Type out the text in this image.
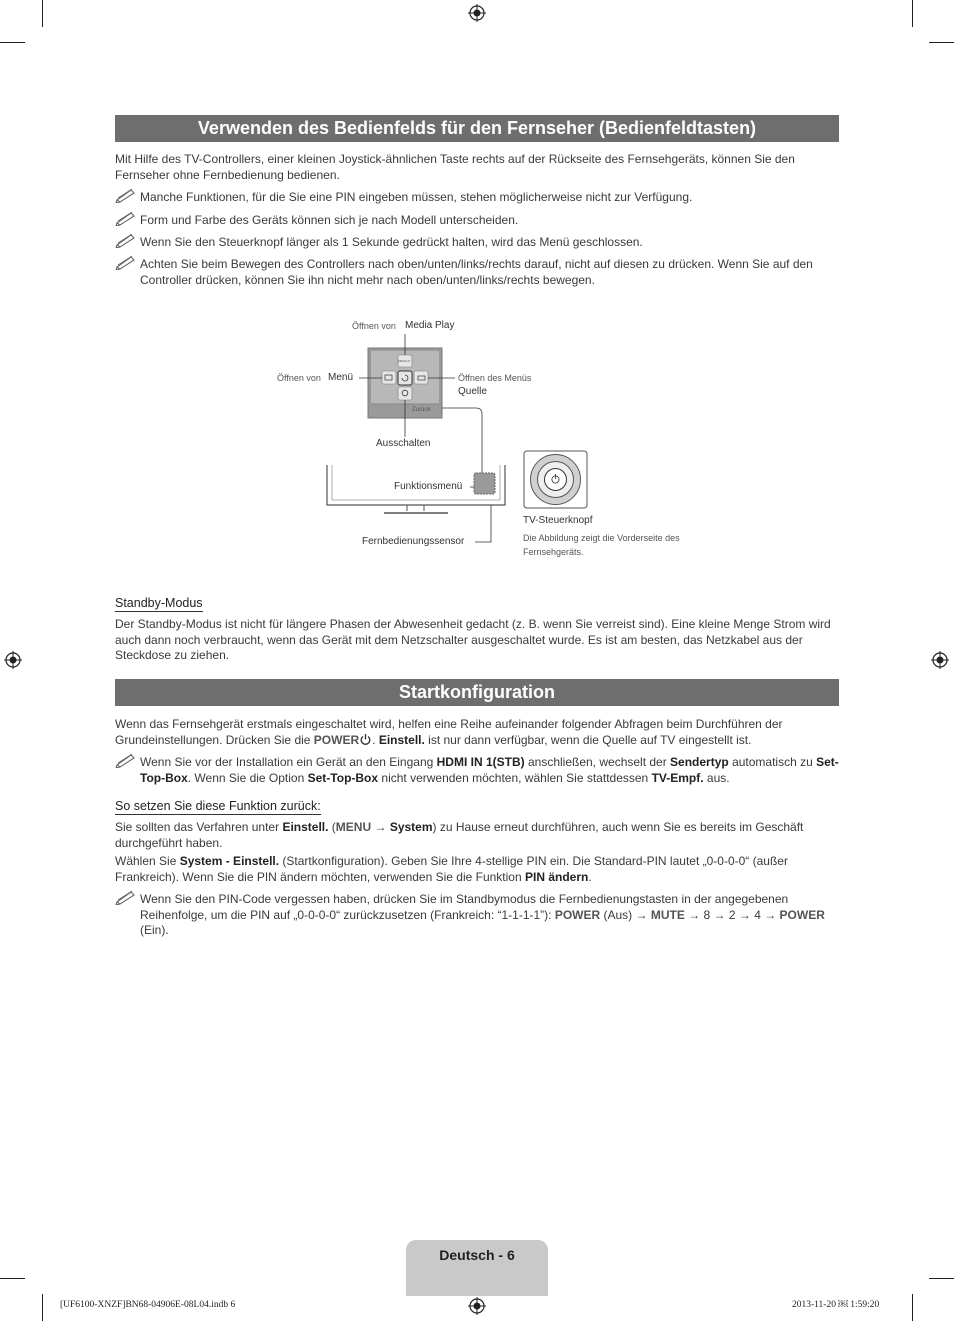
Verwenden des Bedienfelds für den Fernseher (Bedienfeldtasten)
Mit Hilfe des TV-Controllers, einer kleinen Joystick-ähnlichen Taste rechts auf der Rückseite des Fernsehgeräts, können Sie den Fernseher ohne Fernbedienung bedienen.
Manche Funktionen, für die Sie eine PIN eingeben müssen, stehen möglicherweise nicht zur Verfügung.
Form und Farbe des Geräts können sich je nach Modell unterscheiden.
Wenn Sie den Steuerknopf länger als 1 Sekunde gedrückt halten, wird das Menü geschlossen.
Achten Sie beim Bewegen des Controllers nach oben/unten/links/rechts darauf, nicht auf diesen zu drücken. Wenn Sie auf den Controller drücken, können Sie ihn nicht mehr nach oben/unten/links/rechts bewegen.
Öffnen von Media Play
MEDIA.P
Öffnen von Menü	Öffnen des Menüs
Quelle
Zurück
Ausschalten
Funktionsmenü
Fernbedienungssensor
TV-Steuerknopf
Die Abbildung zeigt die Vorderseite des Fernsehgeräts.
Standby-Modus
Der Standby-Modus ist nicht für längere Phasen der Abwesenheit gedacht (z. B. wenn Sie verreist sind). Eine kleine Menge Strom wird auch dann noch verbraucht, wenn das Gerät mit dem Netzschalter ausgeschaltet wurde. Es ist am besten, das Netzkabel aus der Steckdose zu ziehen.
Startkonfiguration
Wenn das Fernsehgerät erstmals eingeschaltet wird, helfen eine Reihe aufeinander folgender Abfragen beim Durchführen der Grundeinstellungen. Drücken Sie die POWER . Einstell. ist nur dann verfügbar, wenn die Quelle auf TV eingestellt ist.
Wenn Sie vor der Installation ein Gerät an den Eingang HDMI IN 1(STB) anschließen, wechselt der Sendertyp automatisch zu Set-Top-Box. Wenn Sie die Option Set-Top-Box nicht verwenden möchten, wählen Sie stattdessen TV-Empf. aus.
So setzen Sie diese Funktion zurück:
Sie sollten das Verfahren unter Einstell. (MENU → System) zu Hause erneut durchführen, auch wenn Sie es bereits im Geschäft durchgeführt haben.
Wählen Sie System - Einstell. (Startkonfiguration). Geben Sie Ihre 4-stellige PIN ein. Die Standard-PIN lautet „0-0-0-0“ (außer Frankreich). Wenn Sie die PIN ändern möchten, verwenden Sie die Funktion PIN ändern.
Wenn Sie den PIN-Code vergessen haben, drücken Sie im Standbymodus die Fernbedienungstasten in der angegebenen Reihenfolge, um die PIN auf „0-0-0-0“ zurückzusetzen (Frankreich: “1-1-1-1”): POWER (Aus) → MUTE → 8 → 2 → 4 → POWER (Ein).
Deutsch - 6
[UF6100-XNZF]BN68-04906E-08L04.indb 6	2013-11-20 ￼ 1:59:20
